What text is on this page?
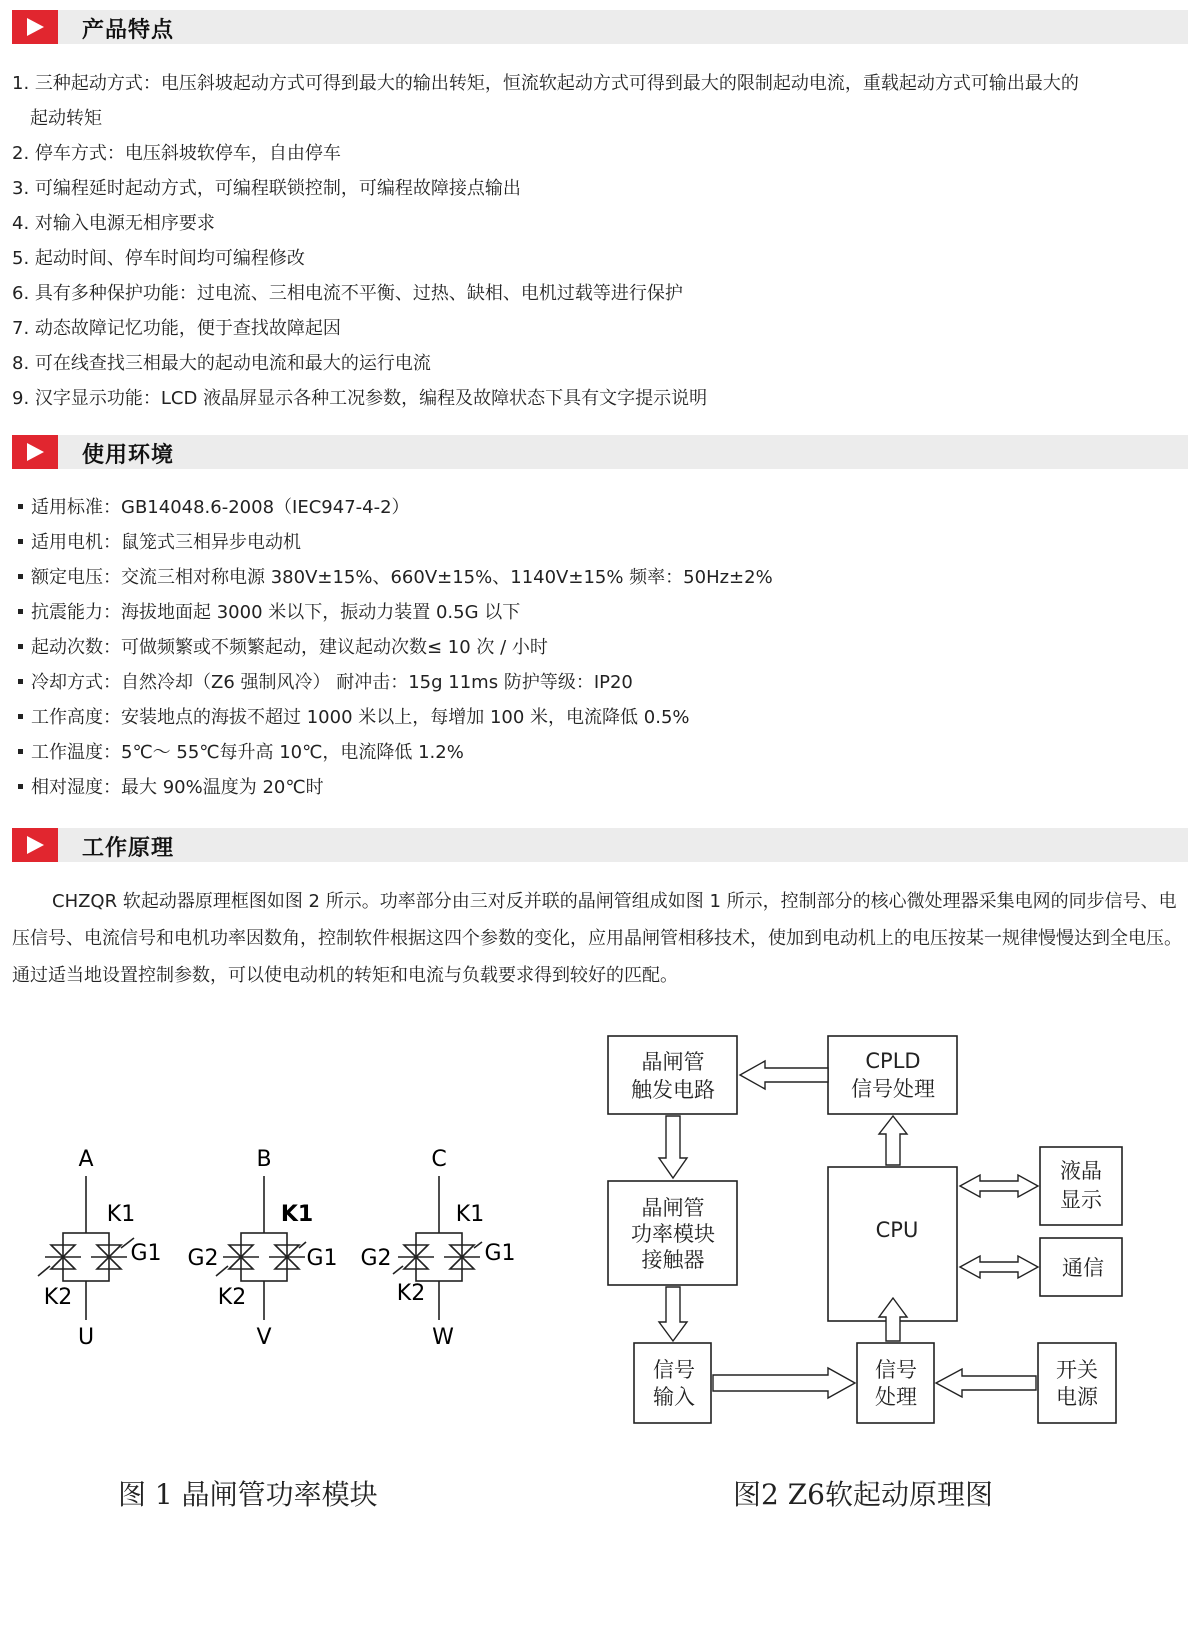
产品特点
1. 三种起动方式：电压斜坡起动方式可得到最大的输出转矩，恒流软起动方式可得到最大的限制起动电流，重载起动方式可输出最大的
起动转矩
2. 停车方式：电压斜坡软停车，自由停车
3. 可编程延时起动方式，可编程联锁控制，可编程故障接点输出
4. 对输入电源无相序要求
5. 起动时间、停车时间均可编程修改
6. 具有多种保护功能：过电流、三相电流不平衡、过热、缺相、电机过载等进行保护
7. 动态故障记忆功能，便于查找故障起因
8. 可在线查找三相最大的起动电流和最大的运行电流
9. 汉字显示功能：LCD 液晶屏显示各种工况参数，编程及故障状态下具有文字提示说明
使用环境
适用标准：GB14048.6-2008（IEC947-4-2）
适用电机：鼠笼式三相异步电动机
额定电压：交流三相对称电源 380V±15%、660V±15%、1140V±15% 频率：50Hz±2%
抗震能力：海拔地面起 3000 米以下，振动力装置 0.5G 以下
起动次数：可做频繁或不频繁起动，建议起动次数≤ 10 次 / 小时
冷却方式：自然冷却（Z6 强制风冷） 耐冲击：15g 11ms 防护等级：IP20
工作高度：安装地点的海拔不超过 1000 米以上，每增加 100 米，电流降低 0.5%
工作温度：5℃～ 55℃每升高 10℃，电流降低 1.2%
相对湿度：最大 90%温度为 20℃时
工作原理
CHZQR 软起动器原理框图如图 2 所示。功率部分由三对反并联的晶闸管组成如图 1 所示，控制部分的核心微处理器采集电网的同步信号、电压信号、电流信号和电机功率因数角，控制软件根据这四个参数的变化，应用晶闸管相移技术，使加到电动机上的电压按某一规律慢慢达到全电压。通过适当地设置控制参数，可以使电动机的转矩和电流与负载要求得到较好的匹配。
A
K1
G1
K2
U
B
K1
G2	G1
K2
V
C
K1
G2	G1
K2
W
图 1 晶闸管功率模块
晶闸管
触发电路
CPLD
信号处理
晶闸管
功率模块
接触器
CPU
液晶
显示
通信
信号
输入
信号
处理
开关
电源
图2 Z6软起动原理图
